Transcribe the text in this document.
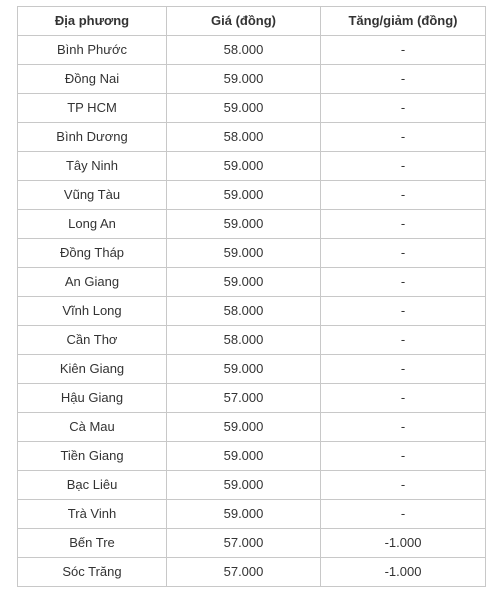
Địa phương	Giá (đồng)	Tăng/giảm (đồng)
Bình Phước	58.000	-
Đồng Nai	59.000	-
TP HCM	59.000	-
Bình Dương	58.000	-
Tây Ninh	59.000	-
Vũng Tàu	59.000	-
Long An	59.000	-
Đồng Tháp	59.000	-
An Giang	59.000	-
Vĩnh Long	58.000	-
Cần Thơ	58.000	-
Kiên Giang	59.000	-
Hậu Giang	57.000	-
Cà Mau	59.000	-
Tiền Giang	59.000	-
Bạc Liêu	59.000	-
Trà Vinh	59.000	-
Bến Tre	57.000	-1.000
Sóc Trăng	57.000	-1.000
